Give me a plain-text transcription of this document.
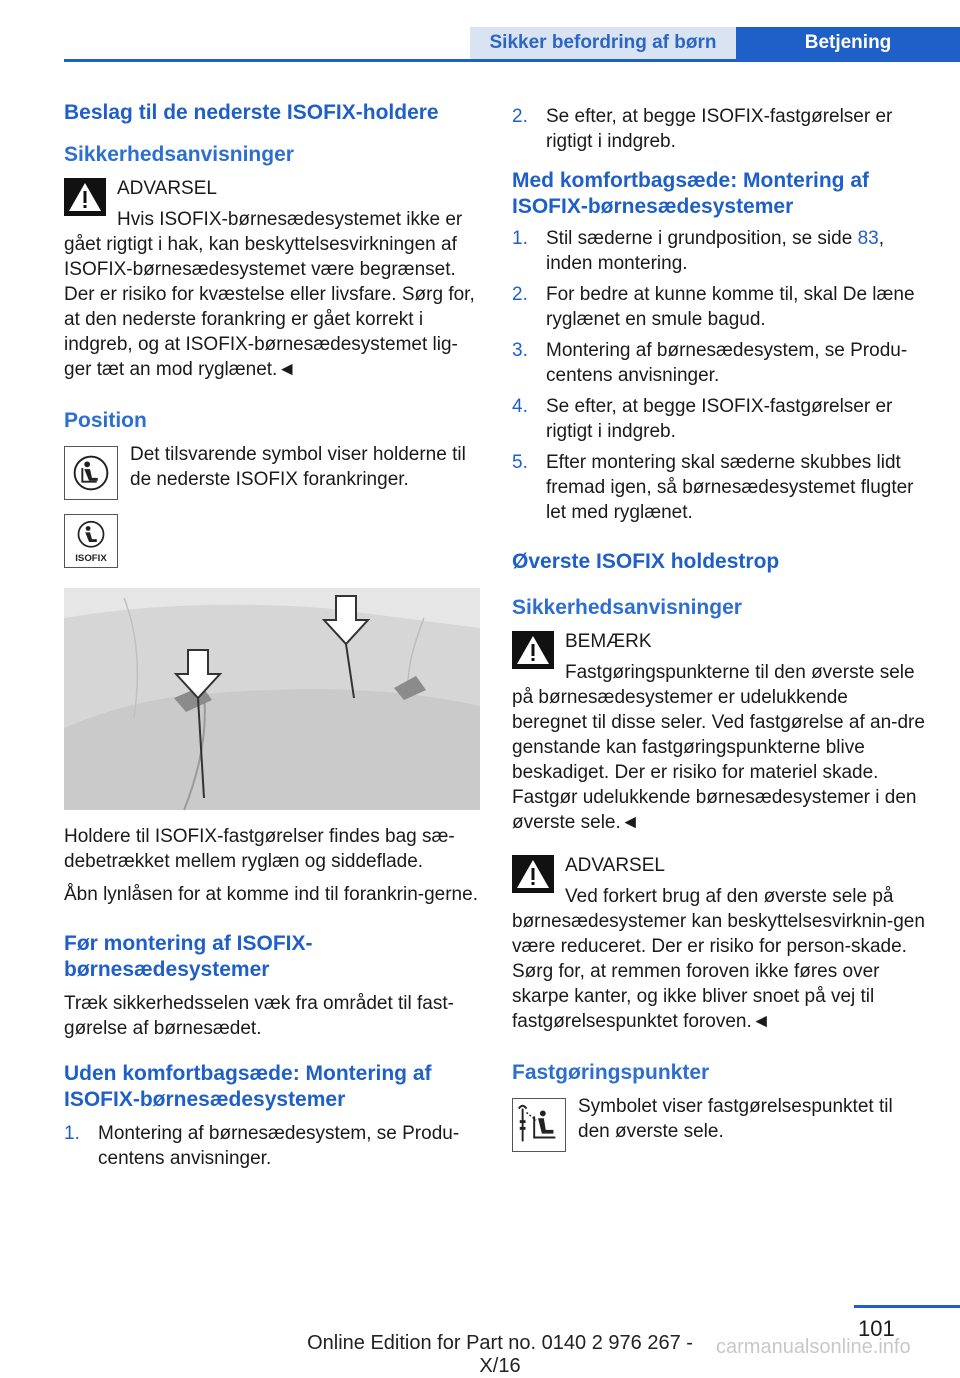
Sikker befordring af børn	Betjening
Beslag til de nederste ISOFIX-holdere
Sikkerhedsanvisninger

ADVARSEL

Hvis ISOFIX-børnesædesystemet ikke er gået rigtigt i hak, kan beskyttelsesvirkningen af ISOFIX-børnesædesystemet være begrænset. Der er risiko for kvæstelse eller livsfare. Sørg for, at den nederste forankring er gået korrekt i indgreb, og at ISOFIX-børnesædesystemet lig‐ger tæt an mod ryglænet.◄

Position

Det tilsvarende symbol viser holderne til de nederste ISOFIX forankringer.

ISOFIX

Holdere til ISOFIX-fastgørelser findes bag sæ‐debetrækket mellem ryglæn og siddeflade.

Åbn lynlåsen for at komme ind til forankrin‐gerne.

Før montering af ISOFIX-børnesædesystemer

Træk sikkerhedsselen væk fra området til fast‐gørelse af børnesædet.

Uden komfortbagsæde: Montering af ISOFIX-børnesædesystemer
1. Montering af børnesædesystem, se Produ‐centens anvisninger.
2. Se efter, at begge ISOFIX-fastgørelser er rigtigt i indgreb.
Med komfortbagsæde: Montering af ISOFIX-børnesædesystemer
1. Stil sæderne i grundposition, se side 83, inden montering.
2. For bedre at kunne komme til, skal De læne ryglænet en smule bagud.
3. Montering af børnesædesystem, se Produ‐centens anvisninger.
4. Se efter, at begge ISOFIX-fastgørelser er rigtigt i indgreb.
5. Efter montering skal sæderne skubbes lidt fremad igen, så børnesædesystemet flugter let med ryglænet.
Øverste ISOFIX holdestrop
Sikkerhedsanvisninger

BEMÆRK

Fastgøringspunkterne til den øverste sele på børnesædesystemer er udelukkende beregnet til disse seler. Ved fastgørelse af an‐dre genstande kan fastgøringspunkterne blive beskadiget. Der er risiko for materiel skade. Fastgør udelukkende børnesædesystemer i den øverste sele.◄

ADVARSEL

Ved forkert brug af den øverste sele på børnesædesystemer kan beskyttelsesvirknin‐gen være reduceret. Der er risiko for person‐skade. Sørg for, at remmen foroven ikke føres over skarpe kanter, og ikke bliver snoet på vej til fastgørelsespunktet foroven.◄

Fastgøringspunkter

Symbolet viser fastgørelsespunktet til den øverste sele.

101
carmanualsonline.info
Online Edition for Part no. 0140 2 976 267 - X/16
